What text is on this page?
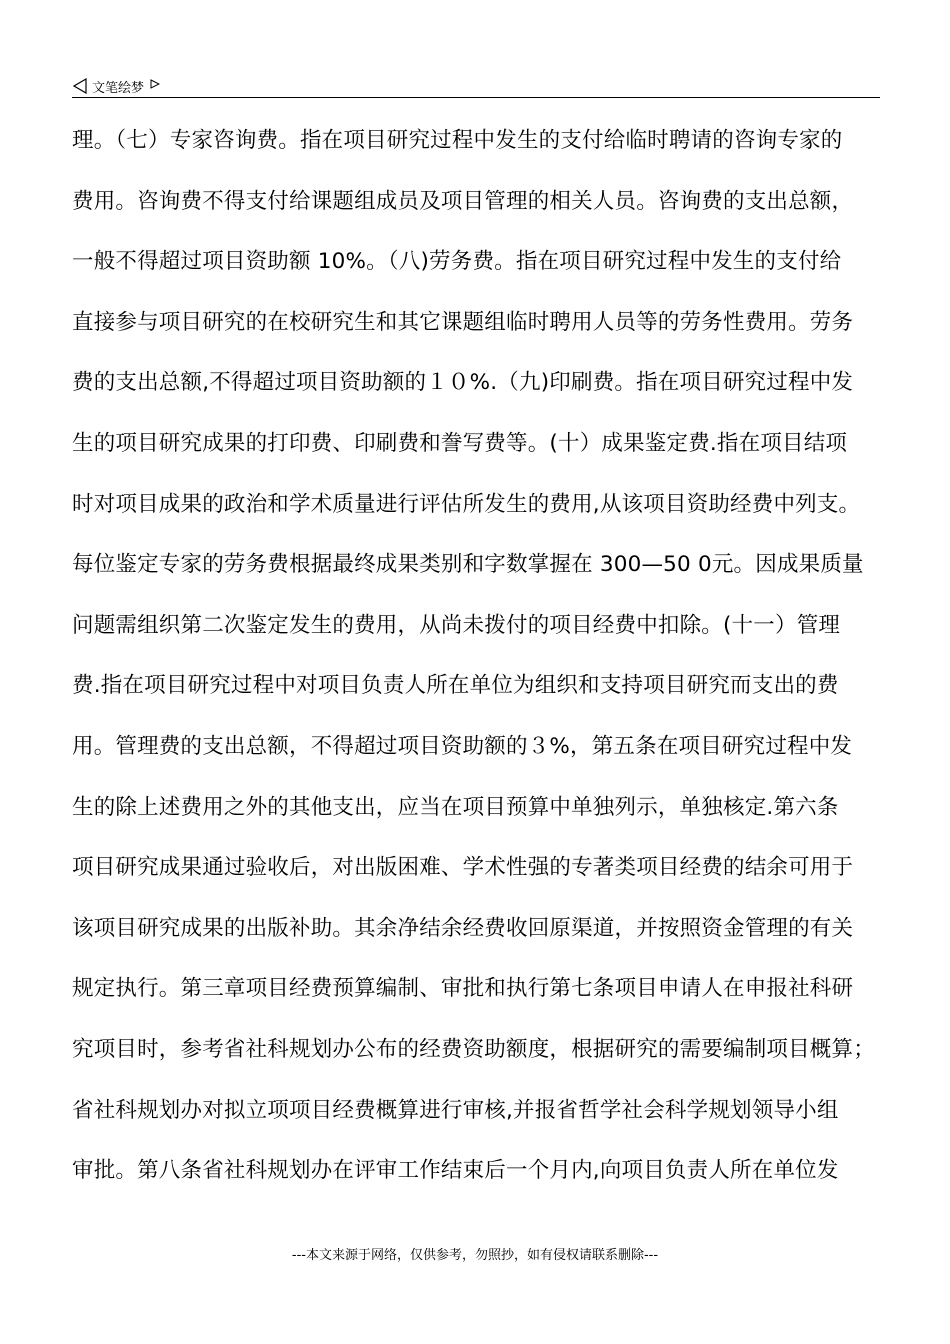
文笔绘梦
理。（七）专家咨询费。指在项目研究过程中发生的支付给临时聘请的咨询专家的
费用。咨询费不得支付给课题组成员及项目管理的相关人员。咨询费的支出总额，
一般不得超过项目资助额 10%。（八)劳务费。指在项目研究过程中发生的支付给
直接参与项目研究的在校研究生和其它课题组临时聘用人员等的劳务性费用。劳务
费的支出总额,不得超过项目资助额的１０%.（九)印刷费。指在项目研究过程中发
生的项目研究成果的打印费、印刷费和誊写费等。(十）成果鉴定费.指在项目结项
时对项目成果的政治和学术质量进行评估所发生的费用,从该项目资助经费中列支。
每位鉴定专家的劳务费根据最终成果类别和字数掌握在 300—50 0元。因成果质量
问题需组织第二次鉴定发生的费用，从尚未拨付的项目经费中扣除。(十一）管理
费.指在项目研究过程中对项目负责人所在单位为组织和支持项目研究而支出的费
用。管理费的支出总额，不得超过项目资助额的３%，第五条在项目研究过程中发
生的除上述费用之外的其他支出，应当在项目预算中单独列示，单独核定.第六条
项目研究成果通过验收后，对出版困难、学术性强的专著类项目经费的结余可用于
该项目研究成果的出版补助。其余净结余经费收回原渠道，并按照资金管理的有关
规定执行。第三章项目经费预算编制、审批和执行第七条项目申请人在申报社科研
究项目时，参考省社科规划办公布的经费资助额度，根据研究的需要编制项目概算；
省社科规划办对拟立项项目经费概算进行审核,并报省哲学社会科学规划领导小组
审批。第八条省社科规划办在评审工作结束后一个月内,向项目负责人所在单位发
---本文来源于网络，仅供参考，勿照抄，如有侵权请联系删除---
